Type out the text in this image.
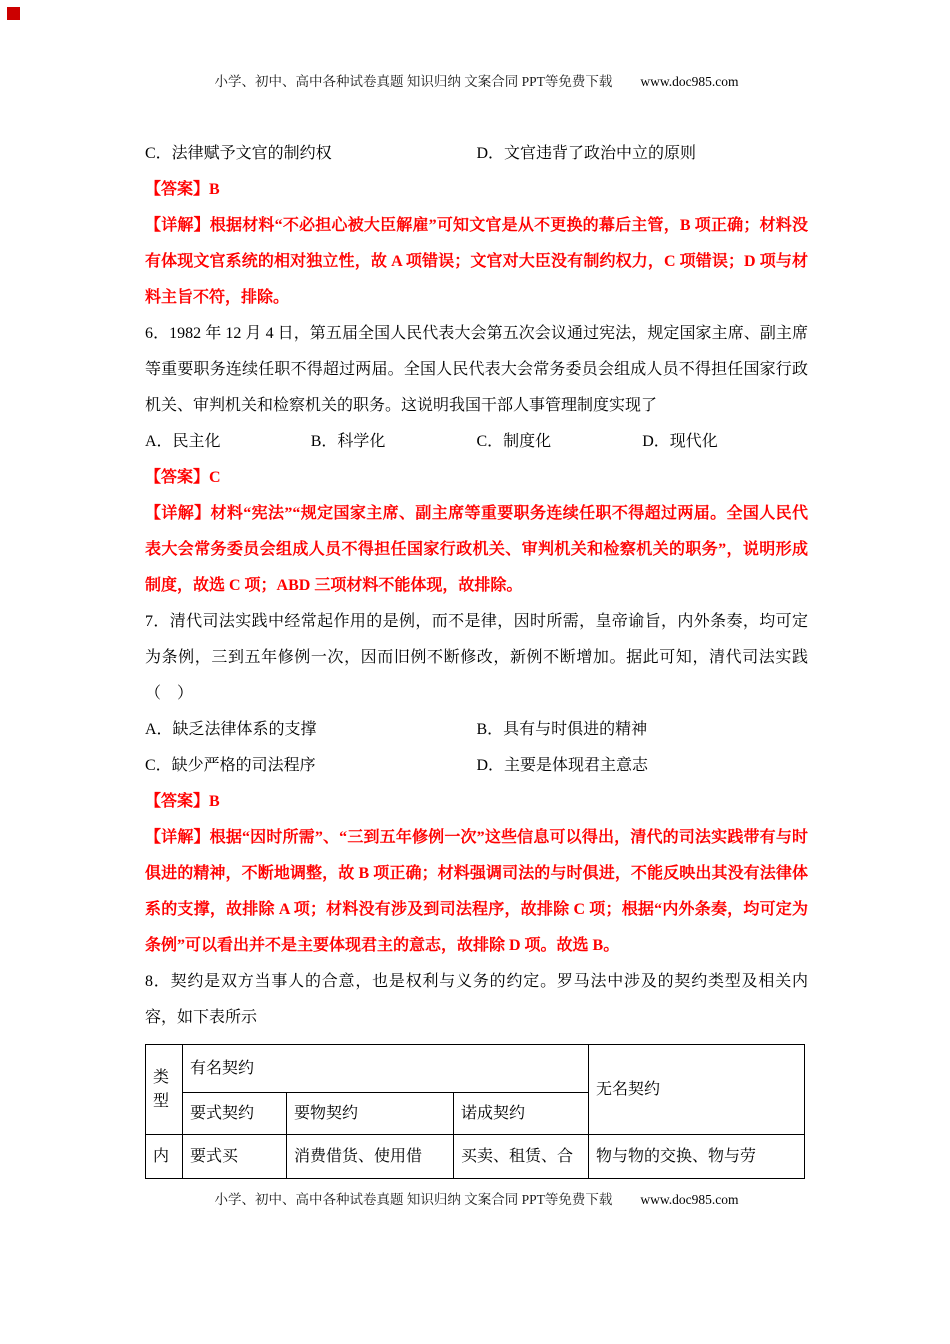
小学、初中、高中各种试卷真题 知识归纳 文案合同 PPT等免费下载 www.doc985.com
C．法律赋予文官的制约权	D．文官违背了政治中立的原则

【答案】B

【详解】根据材料“不必担心被大臣解雇”可知文官是从不更换的幕后主管，B 项正确；材料没有体现文官系统的相对独立性，故 A 项错误；文官对大臣没有制约权力，C 项错误；D 项与材料主旨不符，排除。

6．1982 年 12 月 4 日，第五届全国人民代表大会第五次会议通过宪法，规定国家主席、副主席等重要职务连续任职不得超过两届。全国人民代表大会常务委员会组成人员不得担任国家行政机关、审判机关和检察机关的职务。这说明我国干部人事管理制度实现了

A．民主化	B．科学化	C．制度化	D．现代化

【答案】C

【详解】材料“宪法”“规定国家主席、副主席等重要职务连续任职不得超过两届。全国人民代表大会常务委员会组成人员不得担任国家行政机关、审判机关和检察机关的职务”，说明形成制度，故选 C 项；ABD 三项材料不能体现，故排除。

7．清代司法实践中经常起作用的是例，而不是律，因时所需，皇帝谕旨，内外条奏，均可定为条例，三到五年修例一次，因而旧例不断修改，新例不断增加。据此可知，清代司法实践（　）

A．缺乏法律体系的支撑	B．具有与时俱进的精神
C．缺少严格的司法程序	D．主要是体现君主意志

【答案】B

【详解】根据“因时所需”、“三到五年修例一次”这些信息可以得出，清代的司法实践带有与时俱进的精神，不断地调整，故 B 项正确；材料强调司法的与时俱进，不能反映出其没有法律体系的支撑，故排除 A 项；材料没有涉及到司法程序，故排除 C 项；根据“内外条奏，均可定为条例”可以看出并不是主要体现君主的意志，故排除 D 项。故选 B。

8．契约是双方当事人的合意，也是权利与义务的约定。罗马法中涉及的契约类型及相关内容，如下表所示

类型	有名契约			无名契约
	要式契约	要物契约	诺成契约	
内	要式买	消费借货、使用借	买卖、租赁、合	物与物的交换、物与劳
小学、初中、高中各种试卷真题 知识归纳 文案合同 PPT等免费下载 www.doc985.com
